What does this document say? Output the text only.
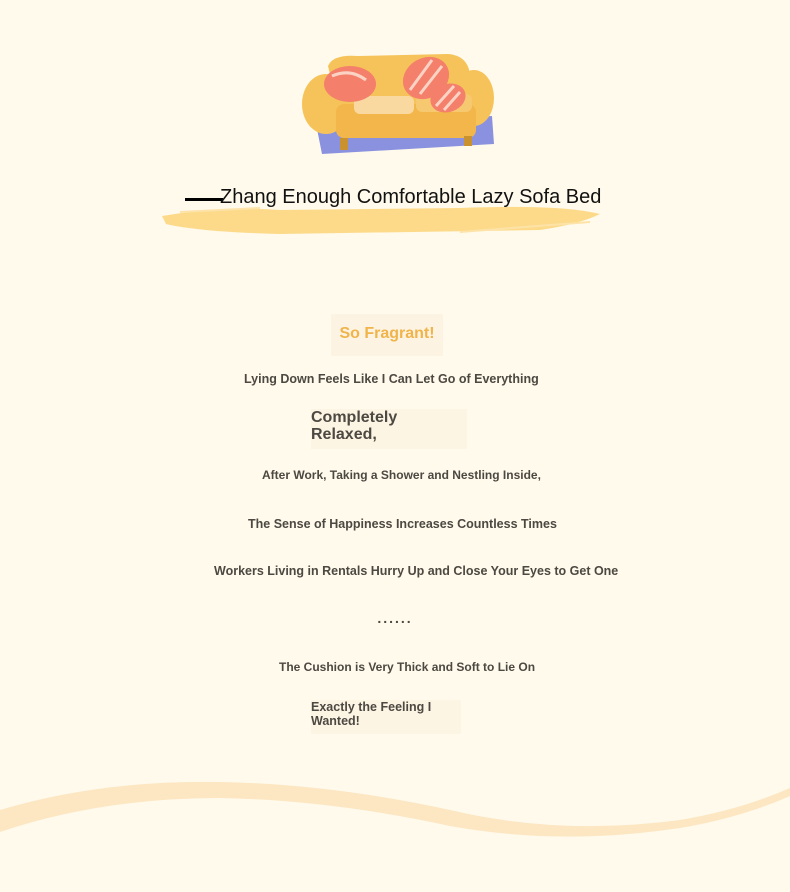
Zhang Enough Comfortable Lazy Sofa Bed
So Fragrant!
Lying Down Feels Like I Can Let Go of Everything
Completely Relaxed,
After Work, Taking a Shower and Nestling Inside,
The Sense of Happiness Increases Countless Times
Workers Living in Rentals Hurry Up and Close Your Eyes to Get One
......
The Cushion is Very Thick and Soft to Lie On
Exactly the Feeling I Wanted!
